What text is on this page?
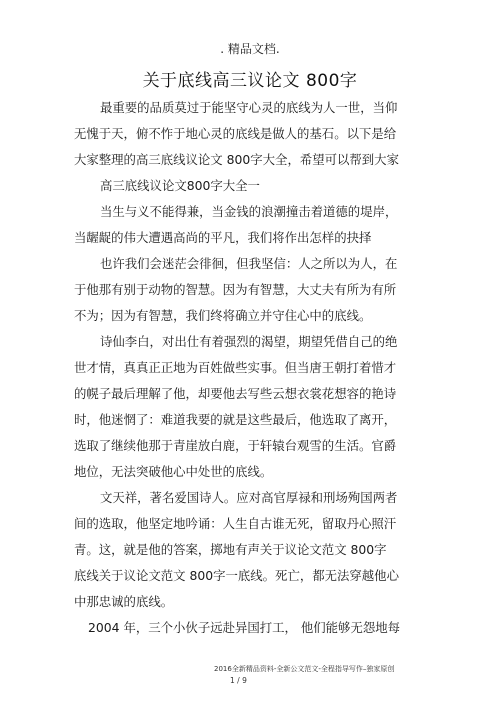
. 精品文档.
关于底线高三议论文 800字
最重要的品质莫过于能坚守心灵的底线为人一世，当仰
无愧于天，俯不怍于地心灵的底线是做人的基石。以下是给
大家整理的高三底线议论文 800字大全，希望可以帮到大家
高三底线议论文800字大全一
当生与义不能得兼，当金钱的浪潮撞击着道德的堤岸，
当龌龊的伟大遭遇高尚的平凡，我们将作出怎样的抉择
也许我们会迷茫会徘徊，但我坚信：人之所以为人，在
于他那有别于动物的智慧。因为有智慧，大丈夫有所为有所
不为；因为有智慧，我们终将确立并守住心中的底线。
诗仙李白，对出仕有着强烈的渴望，期望凭借自己的绝
世才情，真真正正地为百姓做些实事。但当唐王朝打着惜才
的幌子最后理解了他，却要他去写些云想衣裳花想容的艳诗
时，他迷惘了：难道我要的就是这些最后，他选取了离开，
选取了继续他那于青崖放白鹿，于轩辕台观雪的生活。官爵
地位，无法突破他心中处世的底线。
文天祥，著名爱国诗人。应对高官厚禄和刑场殉国两者
间的选取，他坚定地吟诵：人生自古谁无死，留取丹心照汗
青。这，就是他的答案，掷地有声关于议论文范文 800字
底线关于议论文范文 800字一底线。死亡，都无法穿越他心
中那忠诚的底线。
2004 年，三个小伙子远赴异国打工， 他们能够无怨地每
2016全新精品资料-全新公文范文-全程指导写作–独家原创
1 / 9
